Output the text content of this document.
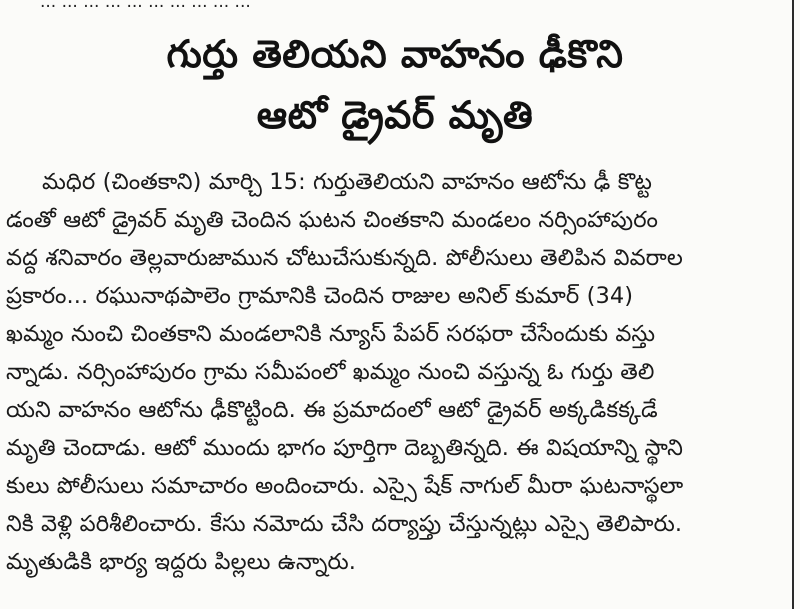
... ... ... ... ... ... ... ... ... ...
గుర్తు తెలియని వాహనం ఢీకొని
ఆటో డ్రైవర్ మృతి
మధిర (చింతకాని) మార్చి 15: గుర్తుతెలియని వాహనం ఆటోను ఢీ కొట్ట
డంతో ఆటో డ్రైవర్ మృతి చెందిన ఘటన చింతకాని మండలం నర్సింహాపురం
వద్ద శనివారం తెల్లవారుజామున చోటుచేసుకున్నది. పోలీసులు తెలిపిన వివరాల
ప్రకారం... రఘునాథపాలెం గ్రామానికి చెందిన రాజుల అనిల్ కుమార్ (34)
ఖమ్మం నుంచి చింతకాని మండలానికి న్యూస్ పేపర్ సరఫరా చేసేందుకు వస్తు
న్నాడు. నర్సింహాపురం గ్రామ సమీపంలో ఖమ్మం నుంచి వస్తున్న ఓ గుర్తు తెలి
యని వాహనం ఆటోను ఢీకొట్టింది. ఈ ప్రమాదంలో ఆటో డ్రైవర్ అక్కడికక్కడే
మృతి చెందాడు. ఆటో ముందు భాగం పూర్తిగా దెబ్బతిన్నది. ఈ విషయాన్ని స్థాని
కులు పోలీసులు సమాచారం అందించారు. ఎస్సై షేక్ నాగుల్ మీరా ఘటనాస్థలా
నికి వెళ్లి పరిశీలించారు. కేసు నమోదు చేసి దర్యాప్తు చేస్తున్నట్లు ఎస్సై తెలిపారు.
మృతుడికి భార్య ఇద్దరు పిల్లలు ఉన్నారు.
